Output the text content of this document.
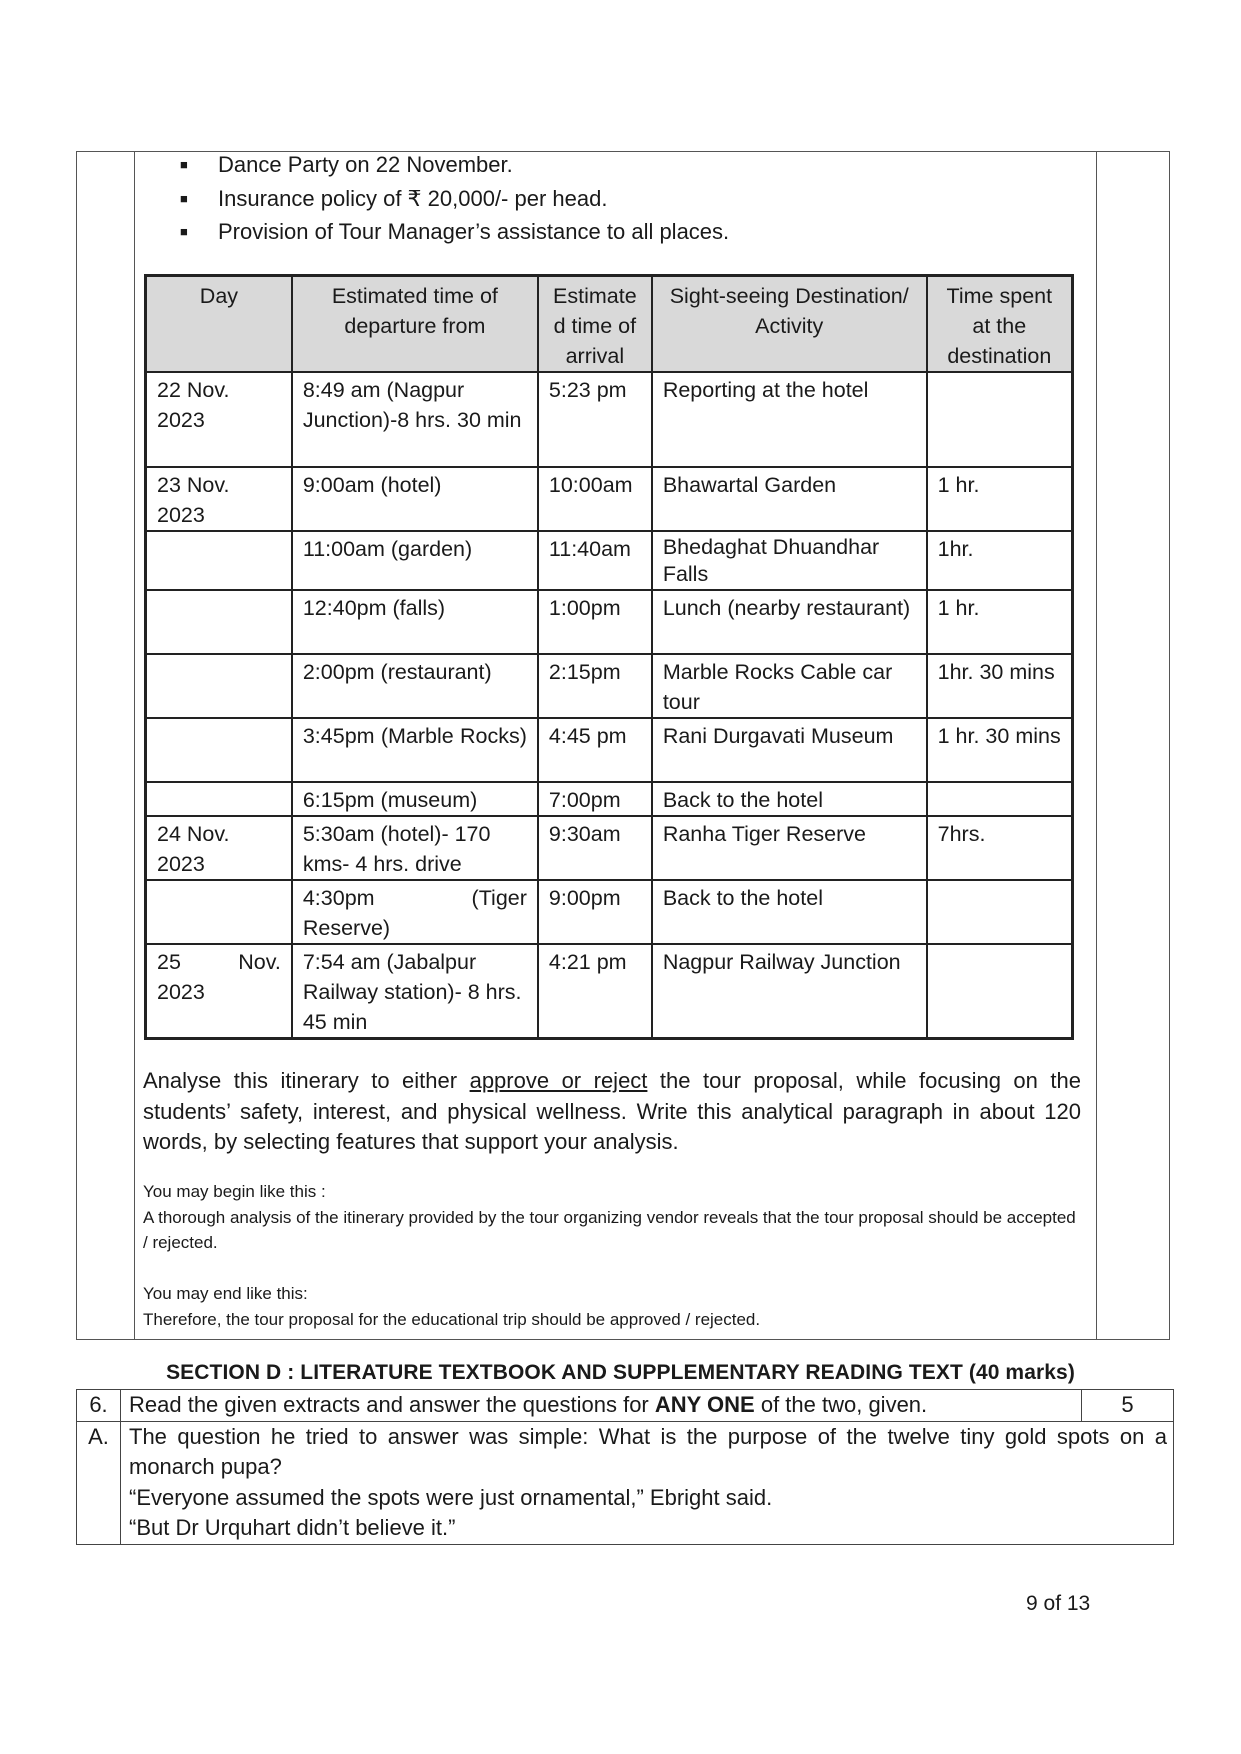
■	Dance Party on 22 November.
■	Insurance policy of ₹ 20,000/- per head.
■	Provision of Tour Manager’s assistance to all places.
Day	Estimated time of departure from	Estimate d time of arrival	Sight-seeing Destination/ Activity	Time spent at the destination
22 Nov. 2023	8:49 am (Nagpur Junction)-8 hrs. 30 min	5:23 pm	Reporting at the hotel	
23 Nov. 2023	9:00am (hotel)	10:00am	Bhawartal Garden	1 hr.
	11:00am (garden)	11:40am	Bhedaghat Dhuandhar Falls	1hr.
	12:40pm (falls)	1:00pm	Lunch (nearby restaurant)	1 hr.
	2:00pm (restaurant)	2:15pm	Marble Rocks Cable car tour	1hr. 30 mins
	3:45pm (Marble Rocks)	4:45 pm	Rani Durgavati Museum	1 hr. 30 mins
	6:15pm (museum)	7:00pm	Back to the hotel	
24 Nov. 2023	5:30am (hotel)- 170 kms- 4 hrs. drive	9:30am	Ranha Tiger Reserve	7hrs.
	4:30pm (Tiger Reserve)	9:00pm	Back to the hotel	
25 Nov. 2023	7:54 am (Jabalpur Railway station)- 8 hrs. 45 min	4:21 pm	Nagpur Railway Junction	
Analyse this itinerary to either approve or reject the tour proposal, while focusing on the students’ safety, interest, and physical wellness. Write this analytical paragraph in about 120 words, by selecting features that support your analysis.
You may begin like this :
A thorough analysis of the itinerary provided by the tour organizing vendor reveals that the tour proposal should be accepted / rejected.
You may end like this:
Therefore, the tour proposal for the educational trip should be approved / rejected.
SECTION D : LITERATURE TEXTBOOK AND SUPPLEMENTARY READING TEXT (40 marks)
6.	Read the given extracts and answer the questions for ANY ONE of the two, given.	5
A.	The question he tried to answer was simple: What is the purpose of the twelve tiny gold spots on a monarch pupa?
“Everyone assumed the spots were just ornamental,” Ebright said.
“But Dr Urquhart didn’t believe it.”	
9 of 13
